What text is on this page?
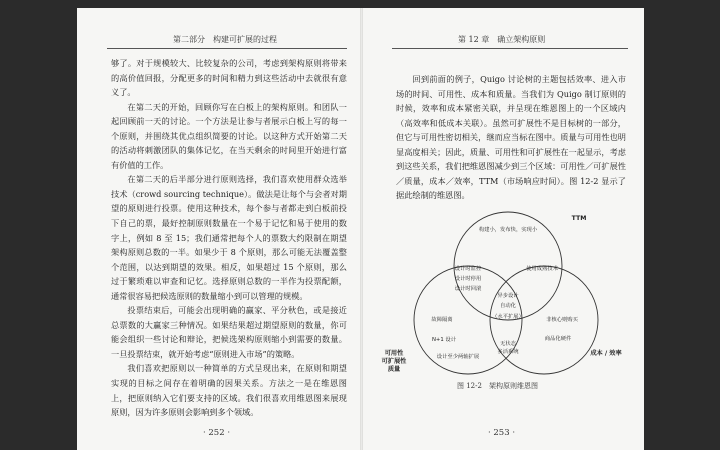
第二部分　构建可扩展的过程

够了。对于规模较大、比较复杂的公司，考虑到架构原则将带来的高价值回报，分配更多的时间和精力到这些活动中去就很有意义了。

在第二天的开始，回顾你写在白板上的架构原则。和团队一起回顾前一天的讨论。一个方法是让参与者展示白板上写的每一个原则，并围绕其优点组织简要的讨论。以这种方式开始第二天的活动将刺激团队的集体记忆，在当天剩余的时间里开始进行富有价值的工作。

在第二天的后半部分进行原则选择，我们喜欢使用群众选举技术（crowd sourcing technique）。做法是让每个与会者对期望的原则进行投票。使用这种技术，每个参与者都走到白板前投下自己的票，最好控制原则数量在一个易于记忆和易于使用的数字上，例如 8 至 15；我们通常把每个人的票数大约限制在期望架构原则总数的一半。如果少于 8 个原则，那么可能无法覆盖整个范围，以达到期望的效果。相反，如果超过 15 个原则，那么过于繁琐难以审查和记忆。选择原则总数的一半作为投票配额，通常很容易把候选原则的数量缩小到可以管理的规模。

投票结束后，可能会出现明确的赢家、平分秋色，或是接近总票数的大赢家三种情况。如果结果超过期望原则的数量，你可能会组织一些讨论和辩论，把候选架构原则缩小到需要的数量。一旦投票结束，就开始考虑“原则进入市场”的策略。

我们喜欢把原则以一种简单的方式呈现出来，在原则和期望实现的目标之间存在着明确的因果关系。方法之一是在维恩图上，把原则纳入它们要支持的区域。我们很喜欢用维恩图来展现原则，因为许多原则会影响到多个领域。

· 252 ·
第 12 章　确立架构原则

回到前面的例子，Quigo 讨论树的主题包括效率、进入市场的时间、可用性、成本和质量。当我们为 Quigo 制订原则的时候，效率和成本紧密关联，并呈现在维恩图上的一个区域内（高效率和低成本关联）。虽然可扩展性不是目标树的一部分，但它与可用性密切相关，继而应当标在图中。质量与可用性也明显高度相关；因此，质量、可用性和可扩展性在一起显示，考虑到这些关系，我们把维恩图减少到三个区域：可用性／可扩展性／质量，成本／效率，TTM（市场响应时间）。图 12-2 显示了据此绘制的维恩图。

构建小，发布快，实现小
设计时监控
设计时停用
设计时回滚
使用成熟技术
异步设计
自动化
（水平扩展）
故障隔离
N+1 设计
设计至少两轴扩展
无状态
多活系统
非核心则购买
商品化硬件
TTM
可用性
可扩展性
质量
成本 / 效率
图 12-2　架构原则维恩图
· 253 ·
